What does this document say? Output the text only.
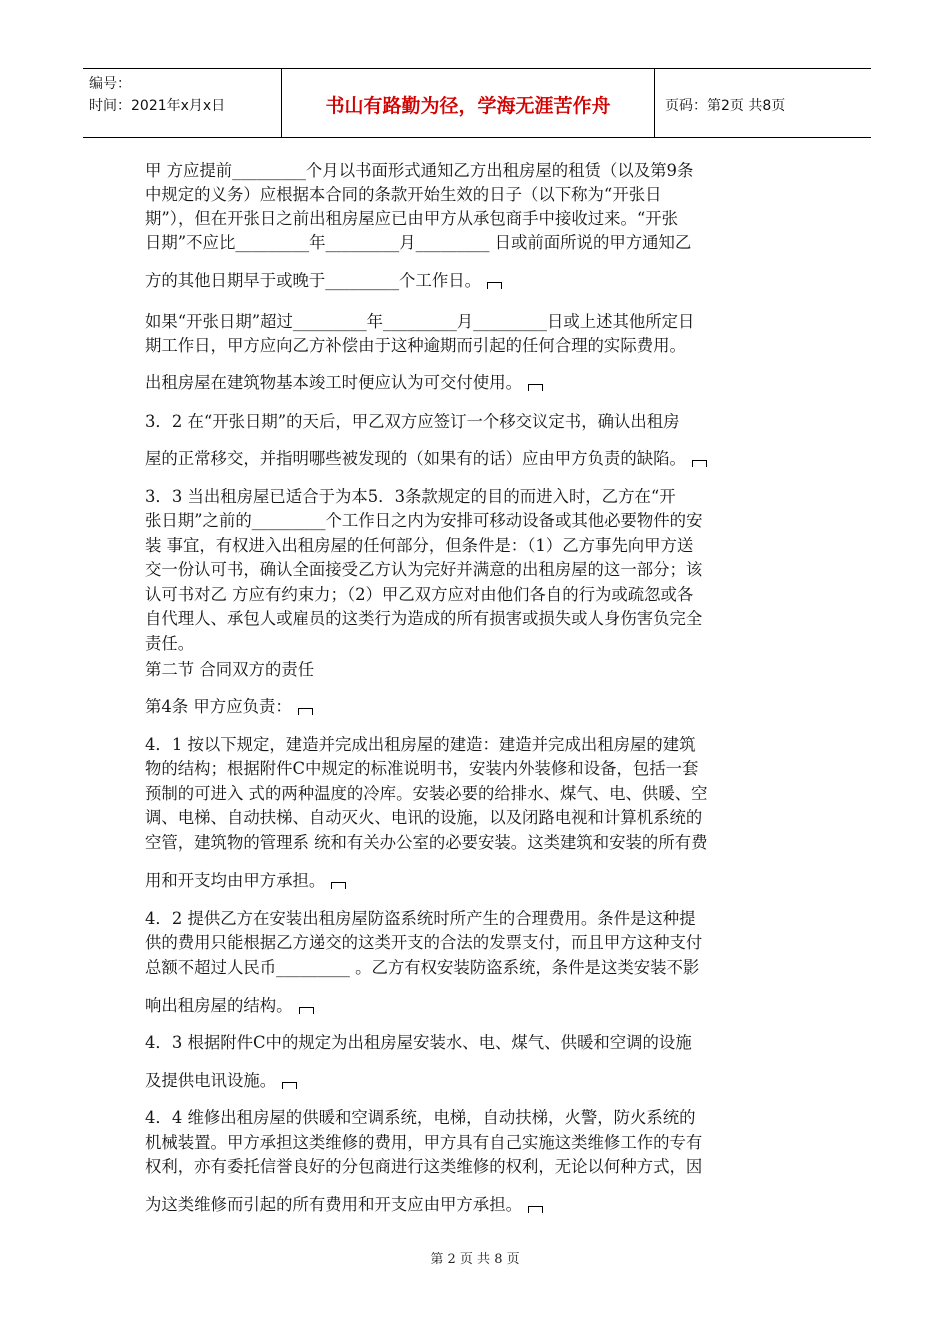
编号：
时间：2021年x月x日	书山有路勤为径，学海无涯苦作舟	页码：第2页 共8页
甲 方应提前_________个月以书面形式通知乙方出租房屋的租赁（以及第9条
中规定的义务）应根据本合同的条款开始生效的日子（以下称为“开张日
期”），但在开张日之前出租房屋应已由甲方从承包商手中接收过来。“开张
日期”不应比_________年_________月_________ 日或前面所说的甲方通知乙
方的其他日期早于或晚于_________个工作日。
如果“开张日期”超过_________年_________月_________日或上述其他所定日
期工作日，甲方应向乙方补偿由于这种逾期而引起的任何合理的实际费用。
出租房屋在建筑物基本竣工时便应认为可交付使用。
3．2 在“开张日期”的天后，甲乙双方应签订一个移交议定书，确认出租房
屋的正常移交，并指明哪些被发现的（如果有的话）应由甲方负责的缺陷。
3．3 当出租房屋已适合于为本5．3条款规定的目的而进入时，乙方在“开
张日期”之前的_________个工作日之内为安排可移动设备或其他必要物件的安
装 事宜，有权进入出租房屋的任何部分，但条件是：（1）乙方事先向甲方送
交一份认可书，确认全面接受乙方认为完好并满意的出租房屋的这一部分；该
认可书对乙 方应有约束力；（2）甲乙双方应对由他们各自的行为或疏忽或各
自代理人、承包人或雇员的这类行为造成的所有损害或损失或人身伤害负完全
责任。
第二节 合同双方的责任
第4条 甲方应负责：
4．1 按以下规定，建造并完成出租房屋的建造：建造并完成出租房屋的建筑
物的结构；根据附件C中规定的标准说明书，安装内外装修和设备，包括一套
预制的可进入 式的两种温度的冷库。安装必要的给排水、煤气、电、供暖、空
调、电梯、自动扶梯、自动灭火、电讯的设施，以及闭路电视和计算机系统的
空管，建筑物的管理系 统和有关办公室的必要安装。这类建筑和安装的所有费
用和开支均由甲方承担。
4．2 提供乙方在安装出租房屋防盗系统时所产生的合理费用。条件是这种提
供的费用只能根据乙方递交的这类开支的合法的发票支付，而且甲方这种支付
总额不超过人民币_________ 。乙方有权安装防盗系统，条件是这类安装不影
响出租房屋的结构。
4．3 根据附件C中的规定为出租房屋安装水、电、煤气、供暖和空调的设施
及提供电讯设施。
4．4 维修出租房屋的供暖和空调系统，电梯，自动扶梯，火警，防火系统的
机械装置。甲方承担这类维修的费用，甲方具有自己实施这类维修工作的专有
权利，亦有委托信誉良好的分包商进行这类维修的权利，无论以何种方式，因
为这类维修而引起的所有费用和开支应由甲方承担。
第 2 页 共 8 页
